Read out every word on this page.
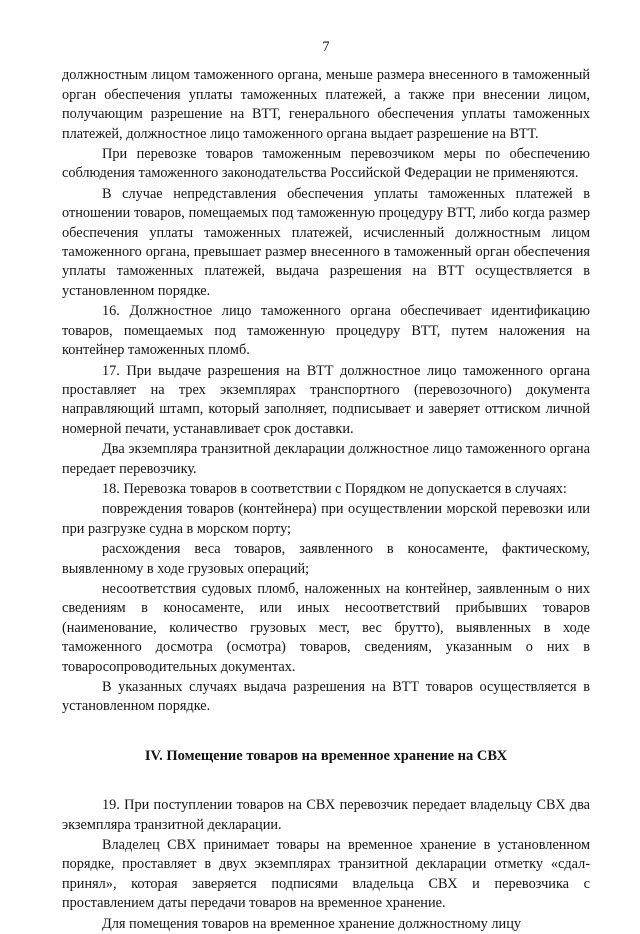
7

должностным лицом таможенного органа, меньше размера внесенного в таможенный орган обеспечения уплаты таможенных платежей, а также при внесении лицом, получающим разрешение на ВТТ, генерального обеспечения уплаты таможенных платежей, должностное лицо таможенного органа выдает разрешение на ВТТ.

При перевозке товаров таможенным перевозчиком меры по обеспечению соблюдения таможенного законодательства Российской Федерации не применяются.

В случае непредставления обеспечения уплаты таможенных платежей в отношении товаров, помещаемых под таможенную процедуру ВТТ, либо когда размер обеспечения уплаты таможенных платежей, исчисленный должностным лицом таможенного органа, превышает размер внесенного в таможенный орган обеспечения уплаты таможенных платежей, выдача разрешения на ВТТ осуществляется в установленном порядке.

16. Должностное лицо таможенного органа обеспечивает идентификацию товаров, помещаемых под таможенную процедуру ВТТ, путем наложения на контейнер таможенных пломб.

17. При выдаче разрешения на ВТТ должностное лицо таможенного органа проставляет на трех экземплярах транспортного (перевозочного) документа направляющий штамп, который заполняет, подписывает и заверяет оттиском личной номерной печати, устанавливает срок доставки.

Два экземпляра транзитной декларации должностное лицо таможенного органа передает перевозчику.

18. Перевозка товаров в соответствии с Порядком не допускается в случаях:

повреждения товаров (контейнера) при осуществлении морской перевозки или при разгрузке судна в морском порту;

расхождения веса товаров, заявленного в коносаменте, фактическому, выявленному в ходе грузовых операций;

несоответствия судовых пломб, наложенных на контейнер, заявленным о них сведениям в коносаменте, или иных несоответствий прибывших товаров (наименование, количество грузовых мест, вес брутто), выявленных в ходе таможенного досмотра (осмотра) товаров, сведениям, указанным о них в товаросопроводительных документах.

В указанных случаях выдача разрешения на ВТТ товаров осуществляется в установленном порядке.

IV. Помещение товаров на временное хранение на СВХ

19. При поступлении товаров на СВХ перевозчик передает владельцу СВХ два экземпляра транзитной декларации.

Владелец СВХ принимает товары на временное хранение в установленном порядке, проставляет в двух экземплярах транзитной декларации отметку «сдал-принял», которая заверяется подписями владельца СВХ и перевозчика с проставлением даты передачи товаров на временное хранение.

Для помещения товаров на временное хранение должностному лицу
